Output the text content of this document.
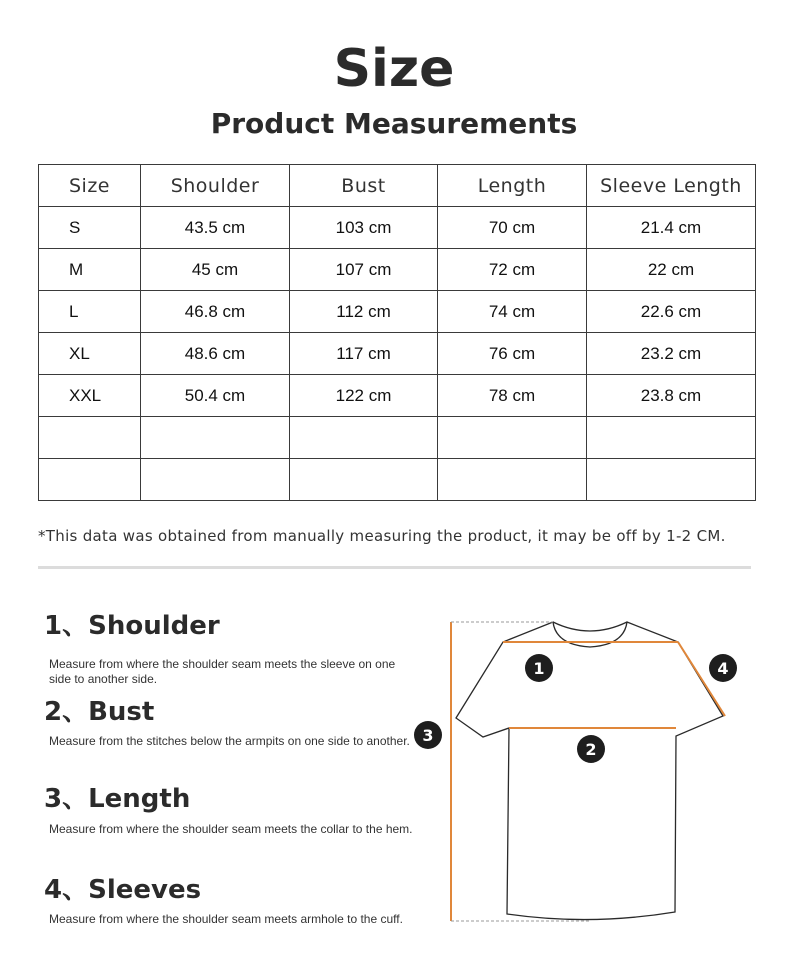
Size
Product Measurements
Size	Shoulder	Bust	Length	Sleeve Length
S	43.5 cm	103 cm	70 cm	21.4 cm
M	45 cm	107 cm	72 cm	22 cm
L	46.8 cm	112 cm	74 cm	22.6 cm
XL	48.6 cm	117 cm	76 cm	23.2 cm
XXL	50.4 cm	122 cm	78 cm	23.8 cm

*This data was obtained from manually measuring the product, it may be off by 1-2 CM.
1、Shoulder
Measure from where the shoulder seam meets the sleeve on one side to another side.
2、Bust
Measure from the stitches below the armpits on one side to another.
3、Length
Measure from where the shoulder seam meets the collar to the hem.
4、Sleeves
Measure from where the shoulder seam meets armhole to the cuff.
1
2
3
4
